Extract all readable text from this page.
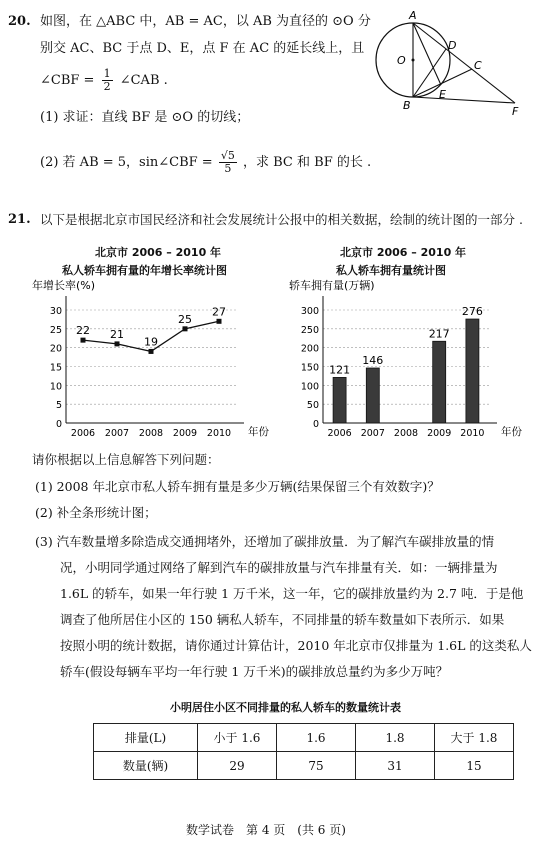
20. 如图，在 △ABC 中，AB = AC，以 AB 为直径的 ⊙O 分
别交 AC、BC 于点 D、E，点 F 在 AC 的延长线上，且
∠CBF = $\frac{1}{2}$ ∠CAB .
(1) 求证：直线 BF 是 ⊙O 的切线；
(2) 若 AB = 5，sin∠CBF = $\frac{√5}{5}$ ，求 BC 和 BF 的长 .
A
D
C
O
B
E
F
21. 以下是根据北京市国民经济和社会发展统计公报中的相关数据，绘制的统计图的一部分 .
北京市 2006 – 2010 年
私人轿车拥有量的年增长率统计图
年增长率(%)
5
10
15
20
25
30
0
年份
2006 2007 2008 2009 2010
22 21
19
25
27
北京市 2006 – 2010 年
私人轿车拥有量统计图
轿车拥有量(万辆)
50
100
150
200
250
300
0
年份
2006
121
2007
146
2008 2009
217
2010
276
请你根据以上信息解答下列问题：
(1) 2008 年北京市私人轿车拥有量是多少万辆(结果保留三个有效数字)？
(2) 补全条形统计图；
(3) 汽车数量增多除造成交通拥堵外，还增加了碳排放量．为了解汽车碳排放量的情
况，小明同学通过网络了解到汽车的碳排放量与汽车排量有关．如：一辆排量为
1.6L 的轿车，如果一年行驶 1 万千米，这一年，它的碳排放量约为 2.7 吨．于是他
调查了他所居住小区的 150 辆私人轿车，不同排量的轿车数量如下表所示．如果
按照小明的统计数据，请你通过计算估计，2010 年北京市仅排量为 1.6L 的这类私人
轿车(假设每辆车平均一年行驶 1 万千米)的碳排放总量约为多少万吨？
小明居住小区不同排量的私人轿车的数量统计表
排量(L)	小于 1.6	1.6	1.8	大于 1.8
数量(辆)	29	75	31	15
数学试卷　第 4 页　(共 6 页)
